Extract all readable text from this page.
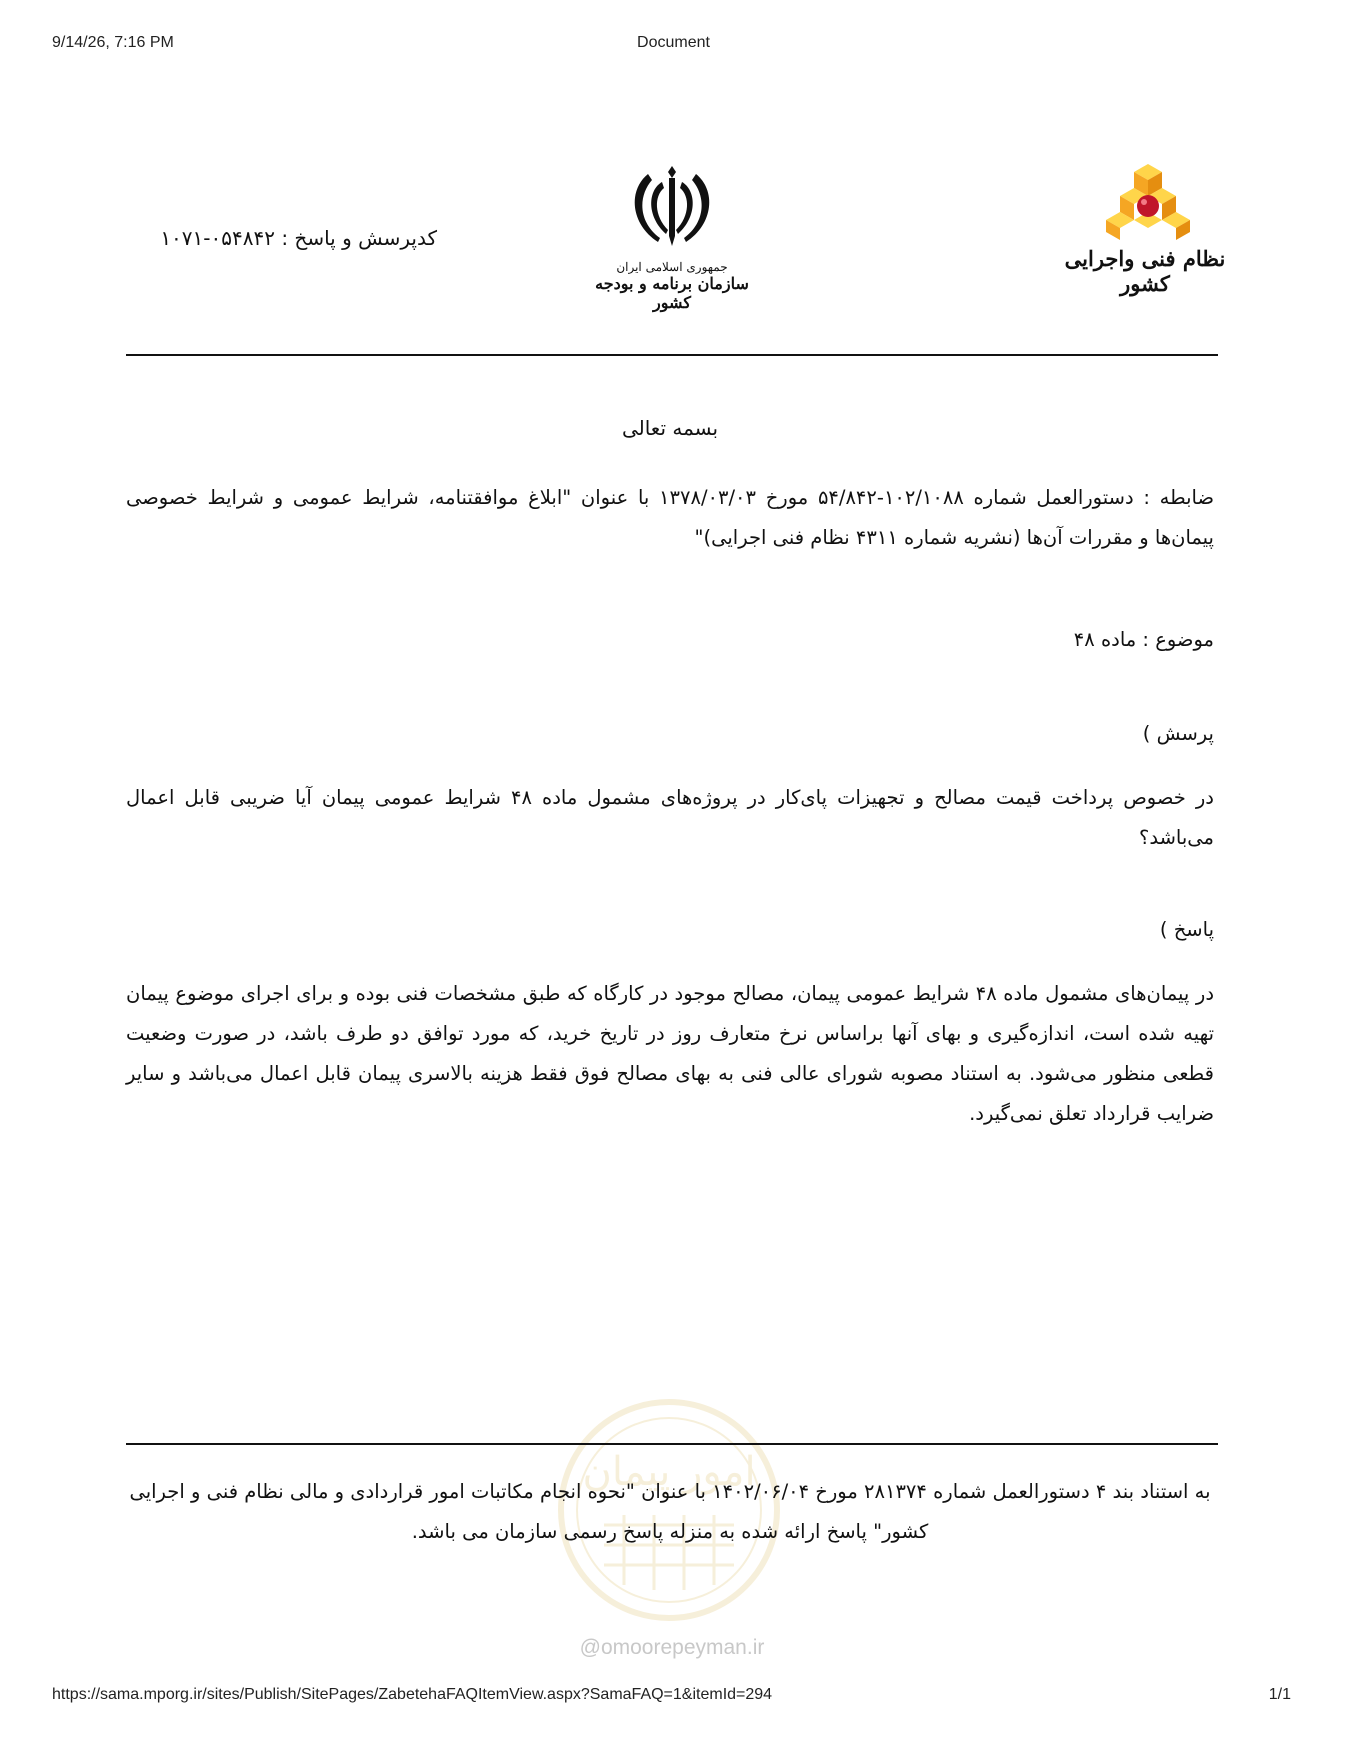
9/14/26, 7:16 PM	Document
نظام فنی واجرایی کشور
جمهوری اسلامی ایران
سازمان برنامه و بودجه کشور
کدپرسش و پاسخ : ۰۵۴۸۴۲-۱۰۷۱
بسمه تعالی
ضابطه : دستورالعمل شماره ۱۰۲/۱۰۸۸-۵۴/۸۴۲ مورخ ۱۳۷۸/۰۳/۰۳ با عنوان "ابلاغ موافقتنامه، شرایط عمومی و شرایط خصوصی پیمان‌ها و مقررات آن‌ها (نشریه شماره ۴۳۱۱ نظام فنی اجرایی)"
موضوع : ماده ۴۸
پرسش )
در خصوص پرداخت قیمت مصالح و تجهیزات پای‌کار در پروژه‌های مشمول ماده ۴۸ شرایط عمومی پیمان آیا ضریبی قابل اعمال می‌باشد؟
پاسخ )
در پیمان‌های مشمول ماده ۴۸ شرایط عمومی پیمان، مصالح موجود در کارگاه که طبق مشخصات فنی بوده و برای اجرای موضوع پیمان تهیه شده است، اندازه‌گیری و بهای آنها براساس نرخ متعارف روز در تاریخ خرید، که مورد توافق دو طرف باشد، در صورت وضعیت قطعی منظور می‌شود. به استناد مصوبه شورای عالی فنی به بهای مصالح فوق فقط هزینه بالاسری پیمان قابل اعمال می‌باشد و سایر ضرایب قرارداد تعلق نمی‌گیرد.
امور پیمان
به استناد بند ۴ دستورالعمل شماره ۲۸۱۳۷۴ مورخ ۱۴۰۲/۰۶/۰۴ با عنوان "نحوه انجام مکاتبات امور قراردادی و مالی نظام فنی و اجرایی کشور" پاسخ ارائه شده به منزله پاسخ رسمی سازمان می باشد.
@omoorepeyman.ir
https://sama.mporg.ir/sites/Publish/SitePages/ZabetehaFAQItemView.aspx?SamaFAQ=1&itemId=294	1/1
